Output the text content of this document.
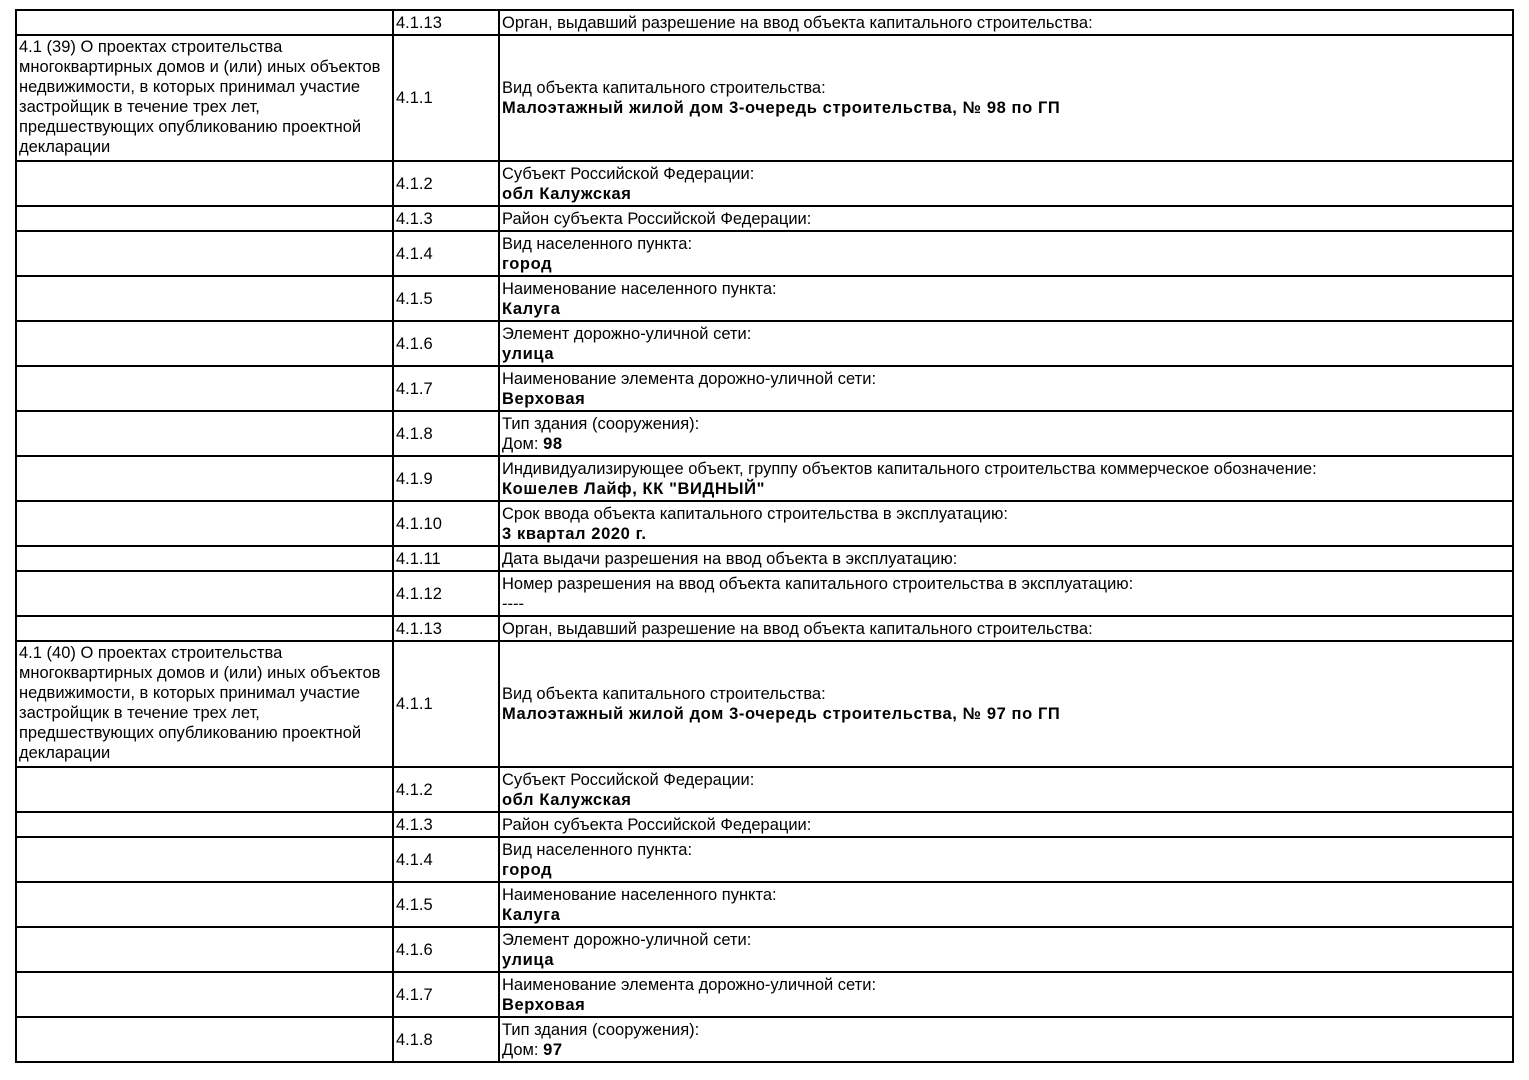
	4.1.13	Орган, выдавший разрешение на ввод объекта капитального строительства:

4.1 (39) О проектах строительства многоквартирных домов и (или) иных объектов недвижимости, в которых принимал участие застройщик в течение трех лет, предшествующих опубликованию проектной декларации	4.1.1	Вид объекта капитального строительства:
Малоэтажный жилой дом 3-очередь строительства, № 98 по ГП

	4.1.2	Субъект Российской Федерации:
обл Калужская

	4.1.3	Район субъекта Российской Федерации:

	4.1.4	Вид населенного пункта:
город

	4.1.5	Наименование населенного пункта:
Калуга

	4.1.6	Элемент дорожно-уличной сети:
улица

	4.1.7	Наименование элемента дорожно-уличной сети:
Верховая

	4.1.8	Тип здания (сооружения):
Дом: 98

	4.1.9	Индивидуализирующее объект, группу объектов капитального строительства коммерческое обозначение:
Кошелев Лайф, КК "ВИДНЫЙ"

	4.1.10	Срок ввода объекта капитального строительства в эксплуатацию:
3 квартал 2020 г.

	4.1.11	Дата выдачи разрешения на ввод объекта в эксплуатацию:

	4.1.12	Номер разрешения на ввод объекта капитального строительства в эксплуатацию:
----

	4.1.13	Орган, выдавший разрешение на ввод объекта капитального строительства:

4.1 (40) О проектах строительства многоквартирных домов и (или) иных объектов недвижимости, в которых принимал участие застройщик в течение трех лет, предшествующих опубликованию проектной декларации	4.1.1	Вид объекта капитального строительства:
Малоэтажный жилой дом 3-очередь строительства, № 97 по ГП

	4.1.2	Субъект Российской Федерации:
обл Калужская

	4.1.3	Район субъекта Российской Федерации:

	4.1.4	Вид населенного пункта:
город

	4.1.5	Наименование населенного пункта:
Калуга

	4.1.6	Элемент дорожно-уличной сети:
улица

	4.1.7	Наименование элемента дорожно-уличной сети:
Верховая

	4.1.8	Тип здания (сооружения):
Дом: 97
